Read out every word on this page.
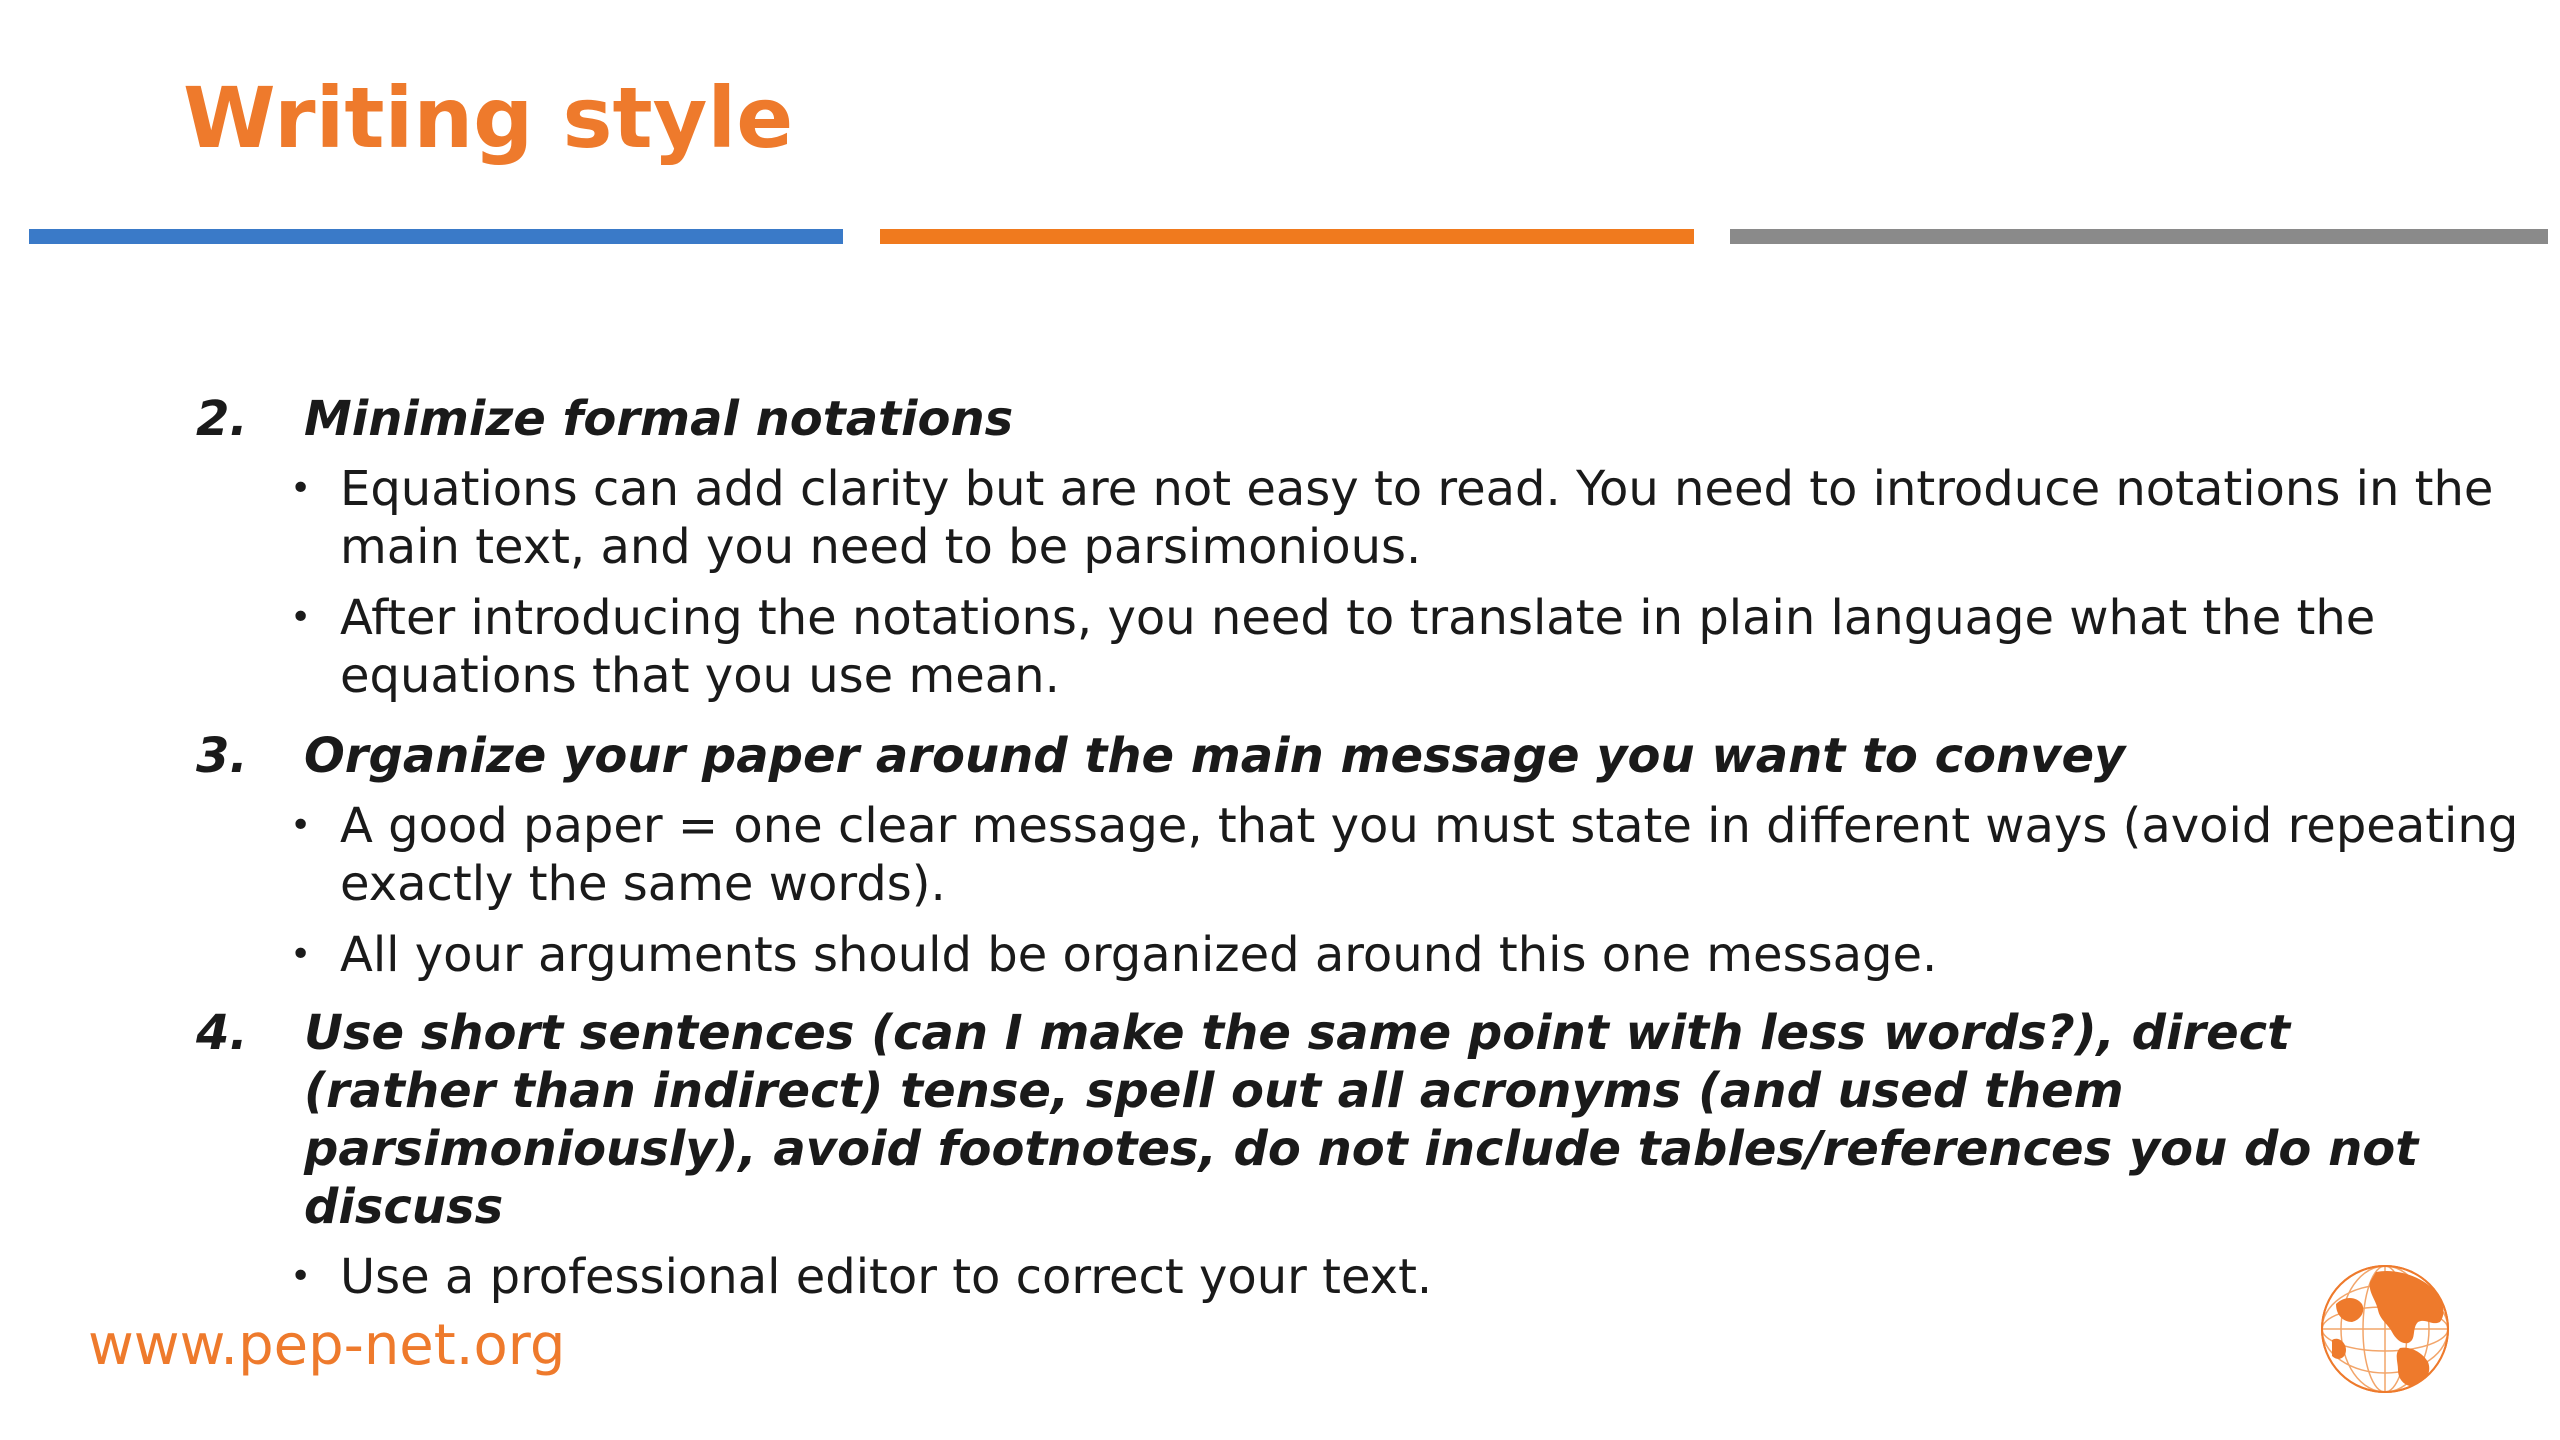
Writing style
2. Minimize formal notations
• Equations can add clarity but are not easy to read. You need to introduce notations in the main text, and you need to be parsimonious.
• After introducing the notations, you need to translate in plain language what the the equations that you use mean.
3. Organize your paper around the main message you want to convey
• A good paper = one clear message, that you must state in different ways (avoid repeating exactly the same words).
• All your arguments should be organized around this one message.
4. Use short sentences (can I make the same point with less words?), direct (rather than indirect) tense, spell out all acronyms (and used them parsimoniously), avoid footnotes, do not include tables/references you do not discuss
• Use a professional editor to correct your text.
www.pep-net.org
